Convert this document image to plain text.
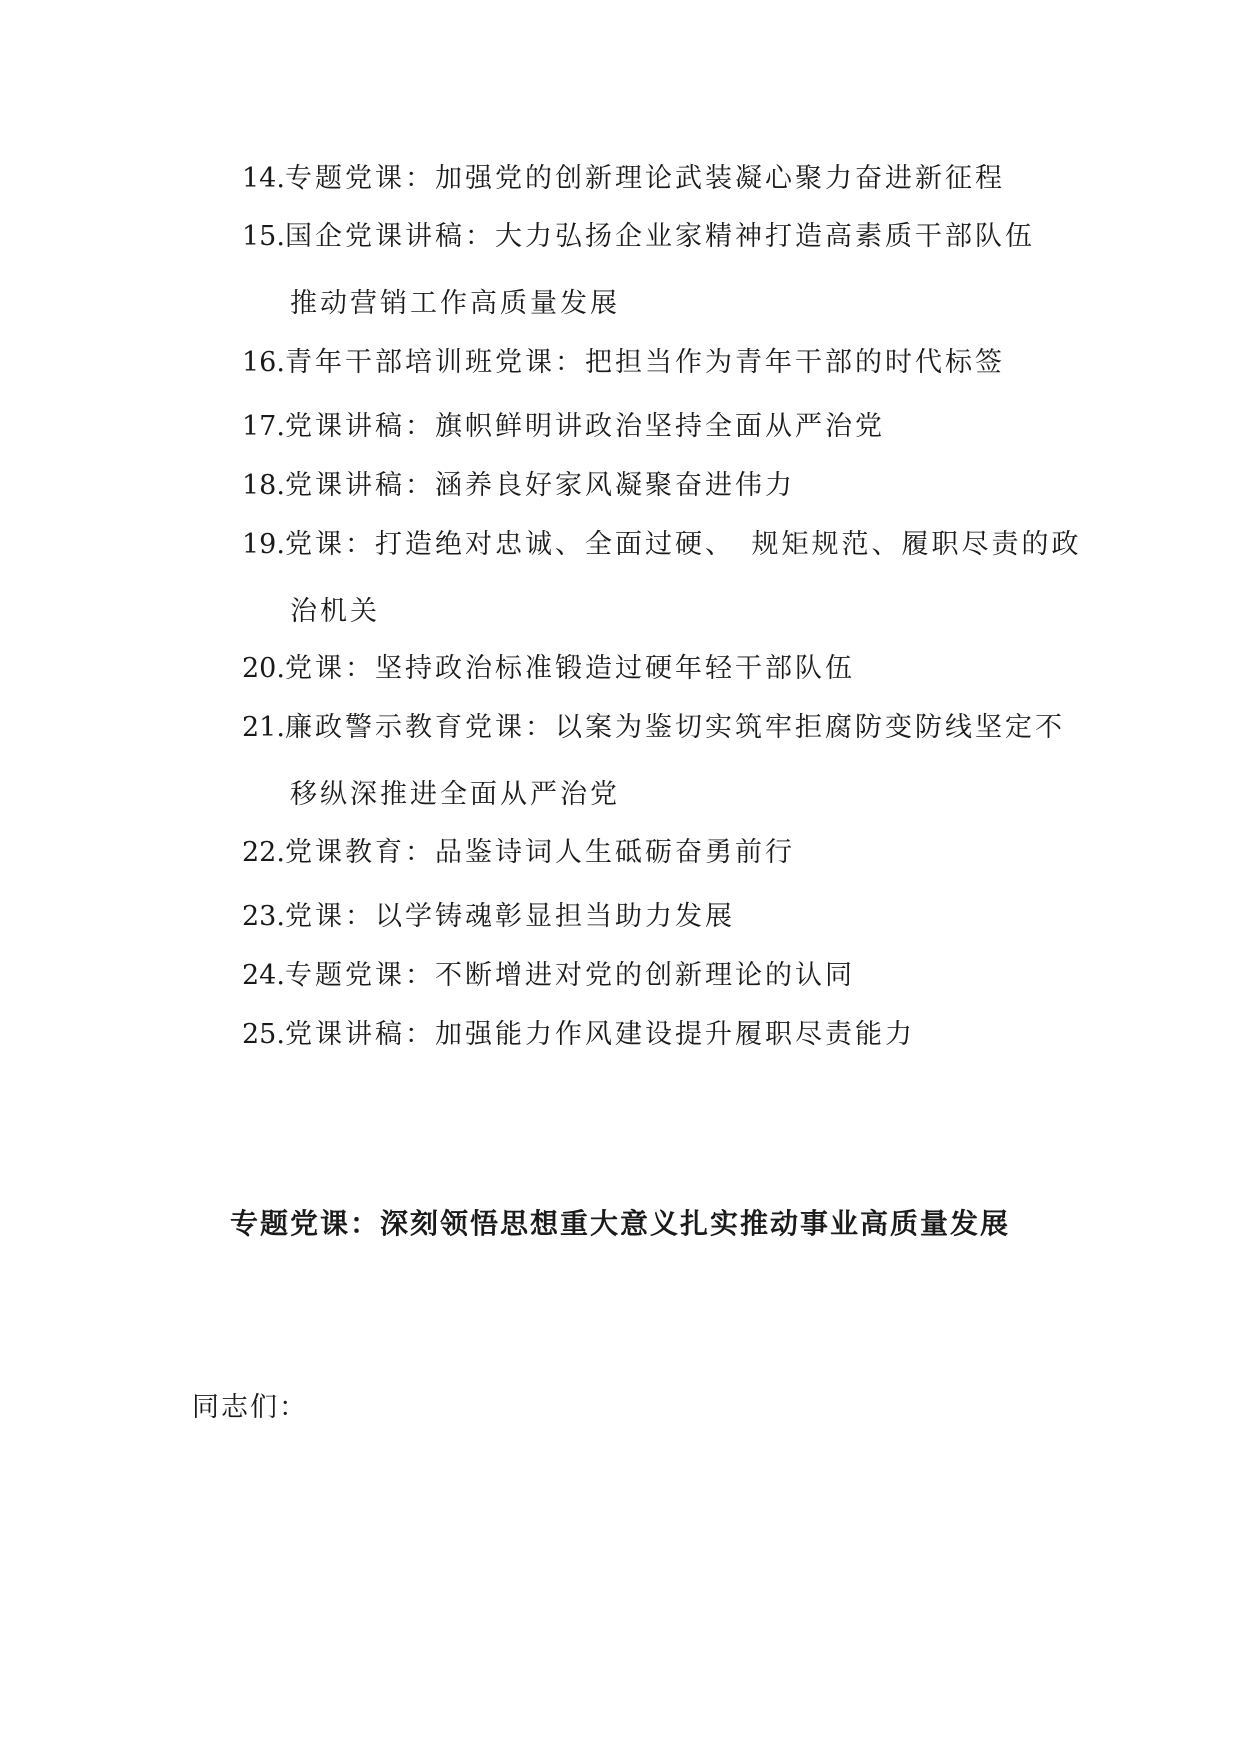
14.专题党课：加强党的创新理论武装凝心聚力奋进新征程
15.国企党课讲稿：大力弘扬企业家精神打造高素质干部队伍
推动营销工作高质量发展
16.青年干部培训班党课：把担当作为青年干部的时代标签
17.党课讲稿：旗帜鲜明讲政治坚持全面从严治党
18.党课讲稿：涵养良好家风凝聚奋进伟力
19.党课：打造绝对忠诚、全面过硬、　规矩规范、履职尽责的政
治机关
20.党课：坚持政治标准锻造过硬年轻干部队伍
21.廉政警示教育党课：以案为鉴切实筑牢拒腐防变防线坚定不
移纵深推进全面从严治党
22.党课教育：品鉴诗词人生砥砺奋勇前行
23.党课：以学铸魂彰显担当助力发展
24.专题党课：不断增进对党的创新理论的认同
25.党课讲稿：加强能力作风建设提升履职尽责能力
专题党课：深刻领悟思想重大意义扎实推动事业高质量发展
同志们：
